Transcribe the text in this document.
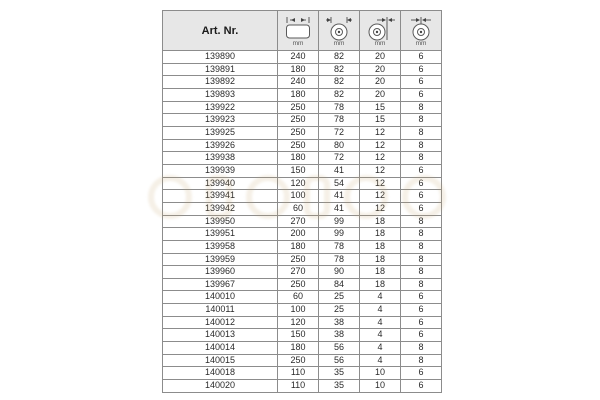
Art. Nr.	mm	mm	mm	mm

139890	240	82	20	6
139891	180	82	20	6
139892	240	82	20	6
139893	180	82	20	6
139922	250	78	15	8
139923	250	78	15	8
139925	250	72	12	8
139926	250	80	12	8
139938	180	72	12	8
139939	150	41	12	6
139940	120	54	12	6
139941	100	41	12	6
139942	60	41	12	6
139950	270	99	18	8
139951	200	99	18	8
139958	180	78	18	8
139959	250	78	18	8
139960	270	90	18	8
139967	250	84	18	8
140010	60	25	4	6
140011	100	25	4	6
140012	120	38	4	6
140013	150	38	4	6
140014	180	56	4	8
140015	250	56	4	8
140018	110	35	10	6
140020	110	35	10	6
